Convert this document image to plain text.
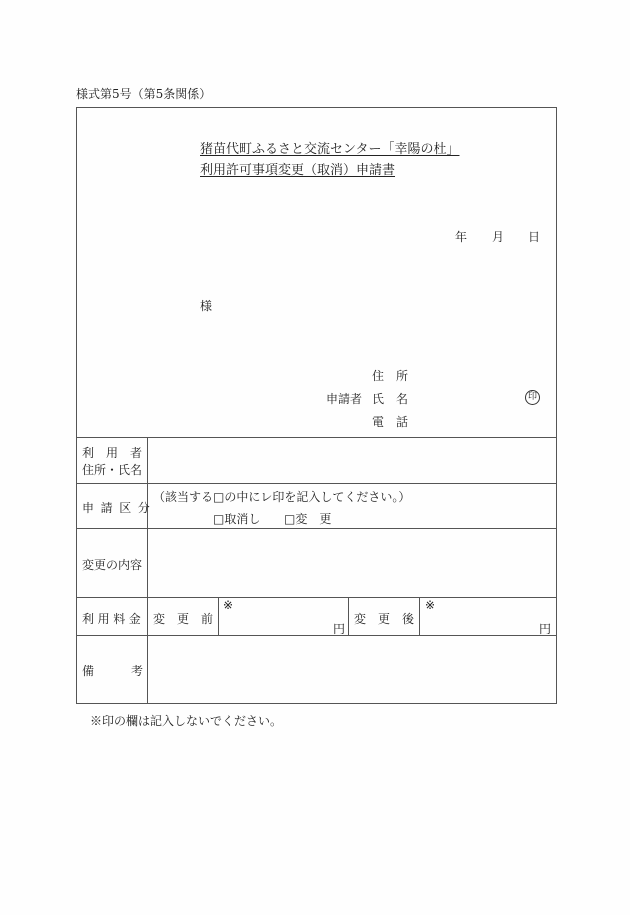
様式第5号（第5条関係）
猪苗代町ふるさと交流センター「幸陽の杜」
利用許可事項変更（取消）申請書
年 月 日
様
住　所
申請者 氏　名	印
電　話
利　用　者
住所・氏名
申請区分
（該当する□の中にレ印を記入してください。）
□取消し □変　更
変更の内容
利用料金 変　更　前
※
円
変　更　後
※
円
備	考
※印の欄は記入しないでください。
